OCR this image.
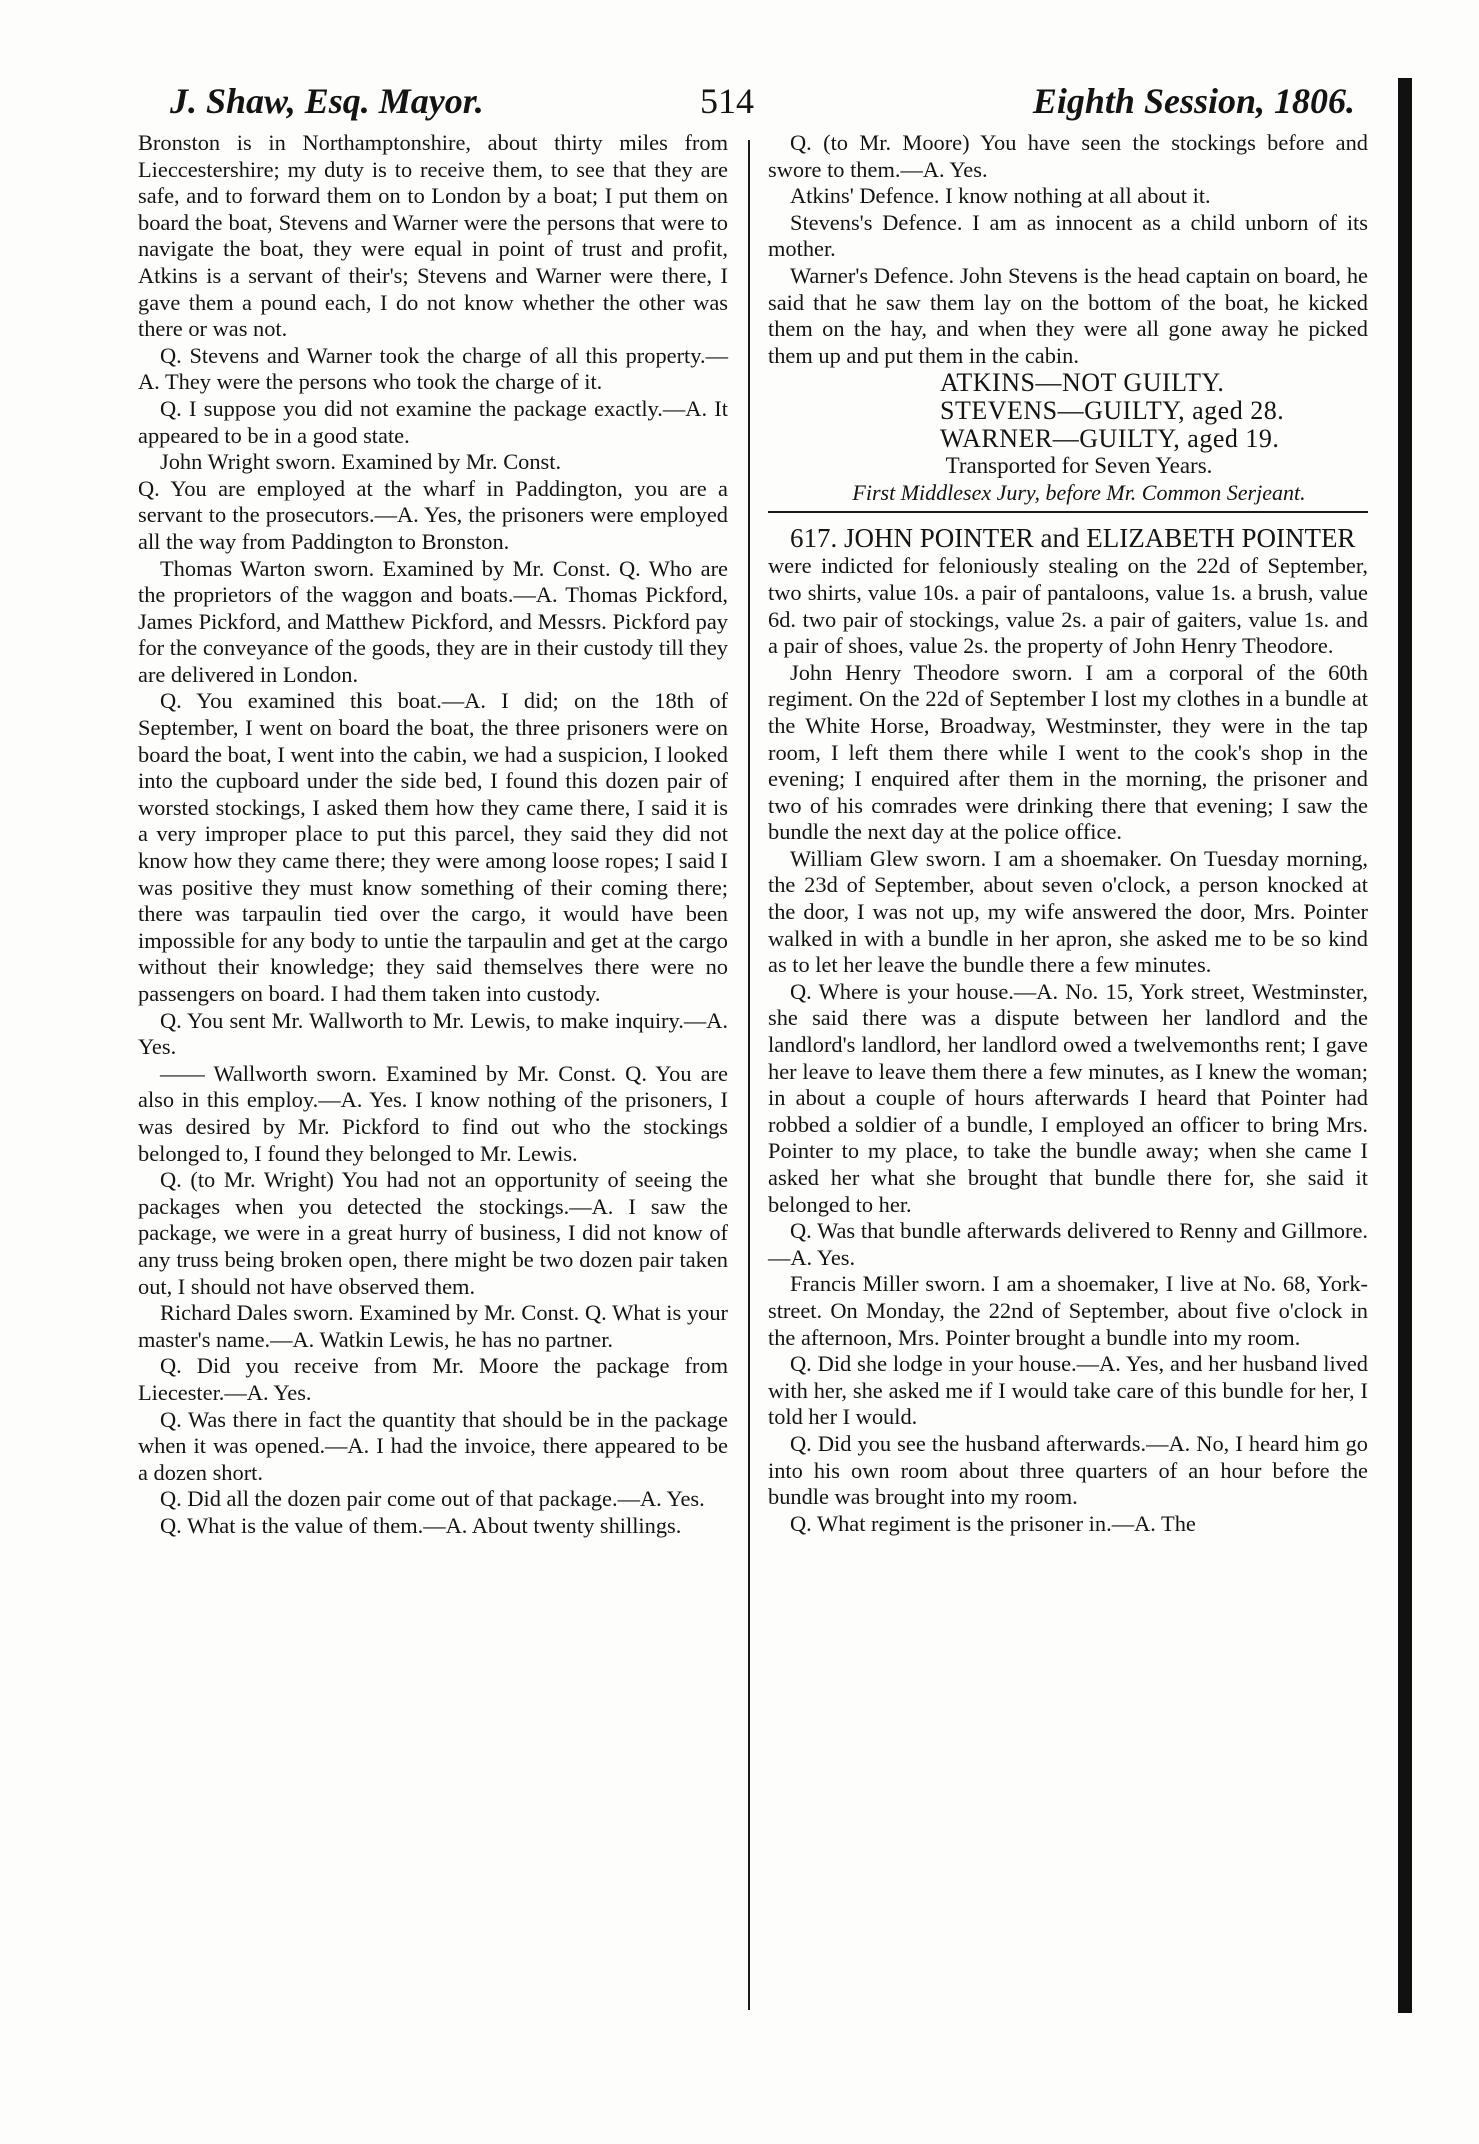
J. Shaw, Esq. Mayor.	514	Eighth Session, 1806.

Bronston is in Northamptonshire, about thirty miles from Lieccestershire; my duty is to receive them, to see that they are safe, and to forward them on to London by a boat; I put them on board the boat, Stevens and Warner were the persons that were to navigate the boat, they were equal in point of trust and profit, Atkins is a servant of their's; Stevens and Warner were there, I gave them a pound each, I do not know whether the other was there or was not.

Q. Stevens and Warner took the charge of all this property.—A. They were the persons who took the charge of it.

Q. I suppose you did not examine the package exactly.—A. It appeared to be in a good state.

John Wright sworn. Examined by Mr. Const.

Q. You are employed at the wharf in Paddington, you are a servant to the prosecutors.—A. Yes, the prisoners were employed all the way from Paddington to Bronston.

Thomas Warton sworn. Examined by Mr. Const. Q. Who are the proprietors of the waggon and boats.—A. Thomas Pickford, James Pickford, and Matthew Pickford, and Messrs. Pickford pay for the conveyance of the goods, they are in their custody till they are delivered in London.

Q. You examined this boat.—A. I did; on the 18th of September, I went on board the boat, the three prisoners were on board the boat, I went into the cabin, we had a suspicion, I looked into the cupboard under the side bed, I found this dozen pair of worsted stockings, I asked them how they came there, I said it is a very improper place to put this parcel, they said they did not know how they came there; they were among loose ropes; I said I was positive they must know something of their coming there; there was tarpaulin tied over the cargo, it would have been impossible for any body to untie the tarpaulin and get at the cargo without their knowledge; they said themselves there were no passengers on board. I had them taken into custody.

Q. You sent Mr. Wallworth to Mr. Lewis, to make inquiry.—A. Yes.

—— Wallworth sworn. Examined by Mr. Const. Q. You are also in this employ.—A. Yes. I know nothing of the prisoners, I was desired by Mr. Pickford to find out who the stockings belonged to, I found they belonged to Mr. Lewis.

Q. (to Mr. Wright) You had not an opportunity of seeing the packages when you detected the stockings.—A. I saw the package, we were in a great hurry of business, I did not know of any truss being broken open, there might be two dozen pair taken out, I should not have observed them.

Richard Dales sworn. Examined by Mr. Const. Q. What is your master's name.—A. Watkin Lewis, he has no partner.

Q. Did you receive from Mr. Moore the package from Liecester.—A. Yes.

Q. Was there in fact the quantity that should be in the package when it was opened.—A. I had the invoice, there appeared to be a dozen short.

Q. Did all the dozen pair come out of that package.—A. Yes.

Q. What is the value of them.—A. About twenty shillings.

Q. (to Mr. Moore) You have seen the stockings before and swore to them.—A. Yes.

Atkins' Defence. I know nothing at all about it.

Stevens's Defence. I am as innocent as a child unborn of its mother.

Warner's Defence. John Stevens is the head captain on board, he said that he saw them lay on the bottom of the boat, he kicked them on the hay, and when they were all gone away he picked them up and put them in the cabin.

ATKINS—NOT GUILTY.

STEVENS—GUILTY, aged 28.

WARNER—GUILTY, aged 19.

Transported for Seven Years.

First Middlesex Jury, before Mr. Common Serjeant.

617. JOHN POINTER and ELIZABETH POINTER

were indicted for feloniously stealing on the 22d of September, two shirts, value 10s. a pair of pantaloons, value 1s. a brush, value 6d. two pair of stockings, value 2s. a pair of gaiters, value 1s. and a pair of shoes, value 2s. the property of John Henry Theodore.

John Henry Theodore sworn. I am a corporal of the 60th regiment. On the 22d of September I lost my clothes in a bundle at the White Horse, Broadway, Westminster, they were in the tap room, I left them there while I went to the cook's shop in the evening; I enquired after them in the morning, the prisoner and two of his comrades were drinking there that evening; I saw the bundle the next day at the police office.

William Glew sworn. I am a shoemaker. On Tuesday morning, the 23d of September, about seven o'clock, a person knocked at the door, I was not up, my wife answered the door, Mrs. Pointer walked in with a bundle in her apron, she asked me to be so kind as to let her leave the bundle there a few minutes.

Q. Where is your house.—A. No. 15, York street, Westminster, she said there was a dispute between her landlord and the landlord's landlord, her landlord owed a twelvemonths rent; I gave her leave to leave them there a few minutes, as I knew the woman; in about a couple of hours afterwards I heard that Pointer had robbed a soldier of a bundle, I employed an officer to bring Mrs. Pointer to my place, to take the bundle away; when she came I asked her what she brought that bundle there for, she said it belonged to her.

Q. Was that bundle afterwards delivered to Renny and Gillmore.—A. Yes.

Francis Miller sworn. I am a shoemaker, I live at No. 68, York-street. On Monday, the 22nd of September, about five o'clock in the afternoon, Mrs. Pointer brought a bundle into my room.

Q. Did she lodge in your house.—A. Yes, and her husband lived with her, she asked me if I would take care of this bundle for her, I told her I would.

Q. Did you see the husband afterwards.—A. No, I heard him go into his own room about three quarters of an hour before the bundle was brought into my room.

Q. What regiment is the prisoner in.—A. The
